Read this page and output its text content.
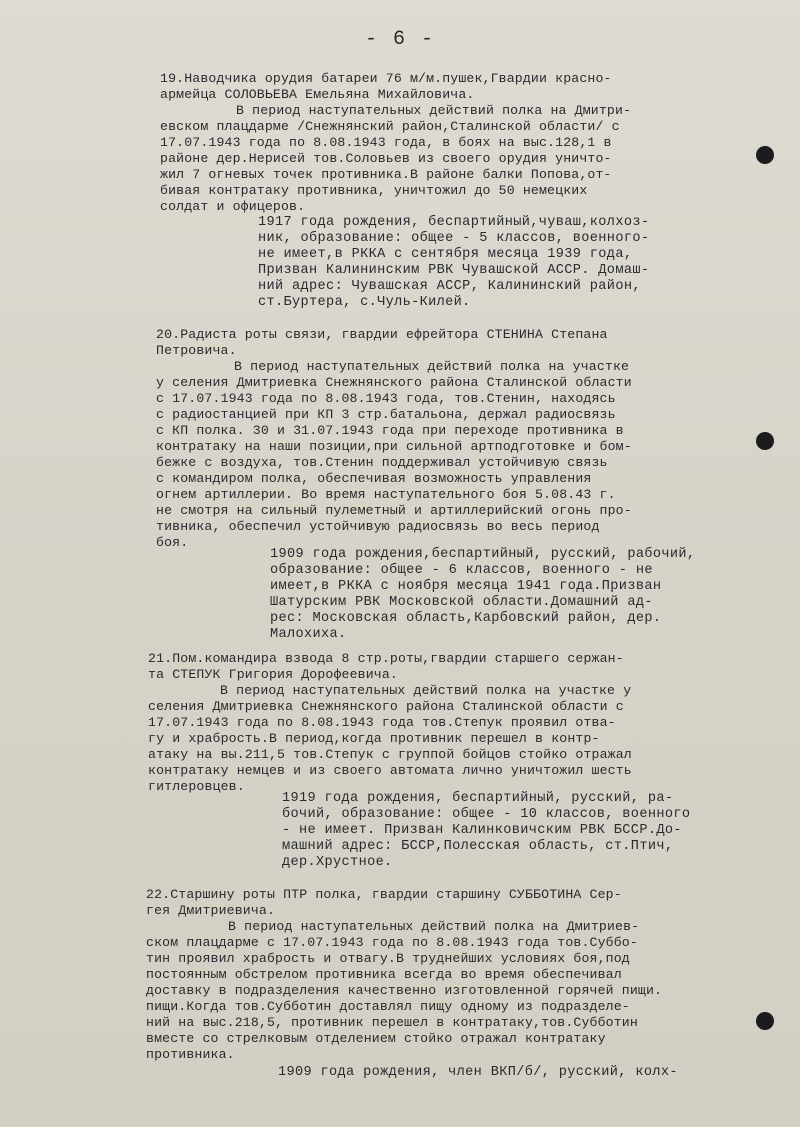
- 6 -
19.Наводчика орудия батареи 76 м/м.пушек,Гвардии красно-
армейца СОЛОВЬЕВА Емельяна Михайловича.
В период наступательных действий полка на Дмитри-
евском плацдарме /Снежнянский район,Сталинской области/ с
17.07.1943 года по 8.08.1943 года, в боях на выс.128,1 в
районе дер.Нерисей тов.Соловьев из своего орудия уничто-
жил 7 огневых точек противника.В районе балки Попова,от-
бивая контратаку противника, уничтожил до 50 немецких
солдат и офицеров.
1917 года рождения, беспартийный,чуваш,колхоз-
ник, образование: общее - 5 классов, военного-
не имеет,в РККА с сентября месяца 1939 года,
Призван Калининским РВК Чувашской АССР. Домаш-
ний адрес: Чувашская АССР, Калининский район,
ст.Буртера, с.Чуль-Килей.
20.Радиста роты связи, гвардии ефрейтора СТЕНИНА Степана
Петровича.
В период наступательных действий полка на участке
у селения Дмитриевка Снежнянского района Сталинской области
с 17.07.1943 года по 8.08.1943 года, тов.Стенин, находясь
с радиостанцией при КП 3 стр.батальона, держал радиосвязь
с КП полка. 30 и 31.07.1943 года при переходе противника в
контратаку на наши позиции,при сильной артподготовке и бом-
бежке с воздуха, тов.Стенин поддерживал устойчивую связь
с командиром полка, обеспечивая возможность управления
огнем артиллерии. Во время наступательного боя 5.08.43 г.
не смотря на сильный пулеметный и артиллерийский огонь про-
тивника, обеспечил устойчивую радиосвязь во весь период
боя.
1909 года рождения,беспартийный, русский, рабочий,
образование: общее - 6 классов, военного - не
имеет,в РККА с ноября месяца 1941 года.Призван
Шатурским РВК Московской области.Домашний ад-
рес: Московская область,Карбовский район, дер.
Малохиха.
21.Пом.командира взвода 8 стр.роты,гвардии старшего сержан-
та СТЕПУК Григория Дорофеевича.
В период наступательных действий полка на участке у
селения Дмитриевка Снежнянского района Сталинской области с
17.07.1943 года по 8.08.1943 года тов.Степук проявил отва-
гу и храбрость.В период,когда противник перешел в контр-
атаку на вы.211,5 тов.Степук с группой бойцов стойко отражал
контратаку немцев и из своего автомата лично уничтожил шесть
гитлеровцев.
1919 года рождения, беспартийный, русский, ра-
бочий, образование: общее - 10 классов, военного
- не имеет. Призван Калинковичским РВК БССР.До-
машний адрес: БССР,Полесская область, ст.Птич,
дер.Хрустное.
22.Старшину роты ПТР полка, гвардии старшину СУББОТИНА Сер-
гея Дмитриевича.
В период наступательных действий полка на Дмитриев-
ском плацдарме с 17.07.1943 года по 8.08.1943 года тов.Суббо-
тин проявил храбрость и отвагу.В труднейших условиях боя,под
постоянным обстрелом противника всегда во время обеспечивал
доставку в подразделения качественно изготовленной горячей пищи.
пищи.Когда тов.Субботин доставлял пищу одному из подразделе-
ний на выс.218,5, противник перешел в контратаку,тов.Субботин
вместе со стрелковым отделением стойко отражал контратаку
противника.
1909 года рождения, член ВКП/б/, русский, колх-
